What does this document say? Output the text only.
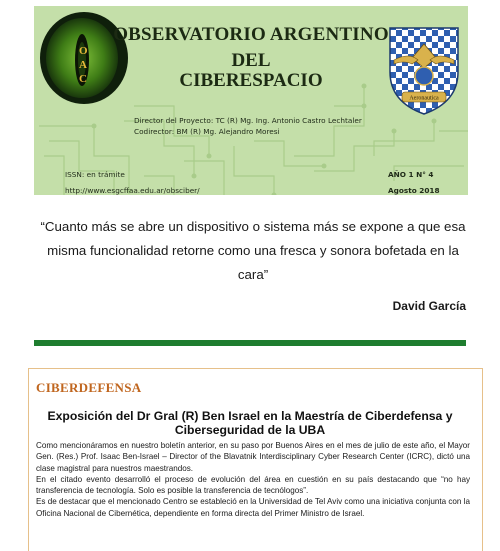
O
A
C
OBSERVATORIO ARGENTINO
DEL
CIBERESPACIO
Aeronautica
Director del Proyecto: TC (R) Mg. Ing. Antonio Castro Lechtaler
Codirector: BM (R) Mg. Alejandro Moresi
ISSN: en trámite
http://www.esgcffaa.edu.ar/obsciber/
AÑO 1 N° 4
Agosto 2018
“Cuanto más se abre un dispositivo o sistema más se expone a que esa misma funcionalidad retorne como una fresca y sonora bofetada en la cara”
David García
CIBERDEFENSA
Exposición del Dr Gral (R) Ben Israel en la Maestría de Ciberdefensa y Ciberseguridad de la UBA

Como mencionáramos en nuestro boletín anterior, en su paso por Buenos Aires en el mes de julio de este año, el Mayor Gen. (Res.) Prof. Isaac Ben-Israel – Director of the Blavatnik Interdisciplinary Cyber Research Center (ICRC), dictó una clase magistral para nuestros maestrandos.

En el citado evento desarrolló el proceso de evolución del área en cuestión en su país destacando que “no hay transferencia de tecnología. Solo es posible la transferencia de tecnólogos”.

Es de destacar que el mencionado Centro se estableció en la Universidad de Tel Aviv como una iniciativa conjunta con la Oficina Nacional de Cibernética, dependiente en forma directa del Primer Ministro de Israel.
